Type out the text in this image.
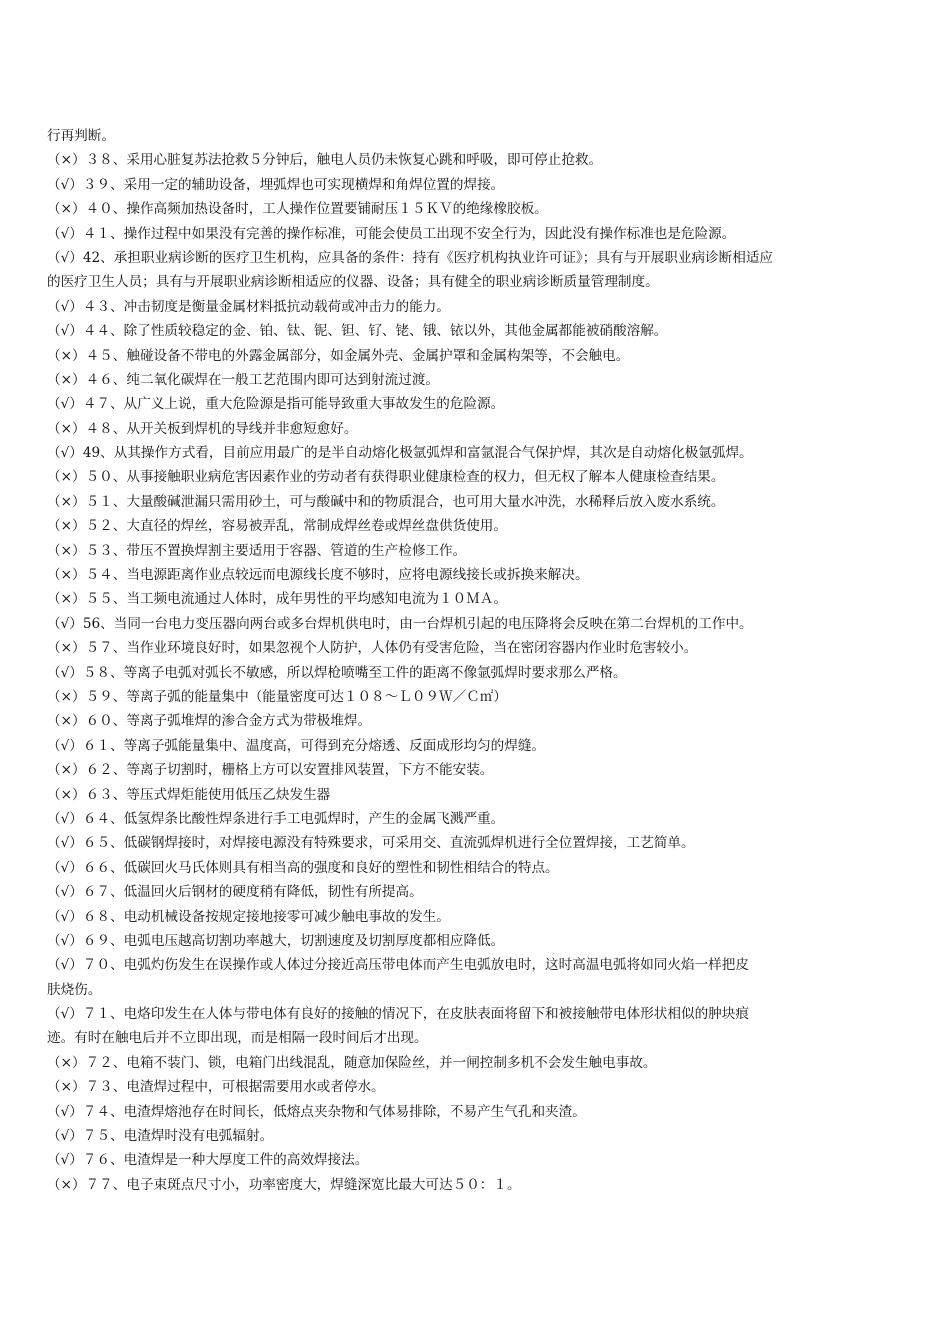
行再判断。
（×）３８、采用心脏复苏法抢救５分钟后，触电人员仍未恢复心跳和呼吸，即可停止抢救。
（√）３９、采用一定的辅助设备，埋弧焊也可实现横焊和角焊位置的焊接。
（×）４０、操作高频加热设备时，工人操作位置要铺耐压１５ＫＶ的绝缘橡胶板。
（√）４１、操作过程中如果没有完善的操作标准，可能会使员工出现不安全行为，因此没有操作标准也是危险源。
（√）42、承担职业病诊断的医疗卫生机构，应具备的条件：持有《医疗机构执业许可证》；具有与开展职业病诊断相适应
的医疗卫生人员；具有与开展职业病诊断相适应的仪器、设备；具有健全的职业病诊断质量管理制度。
（√）４３、冲击韧度是衡量金属材料抵抗动载荷或冲击力的能力。
（√）４４、除了性质较稳定的金、铂、钛、铌、钽、钌、铑、锇、铱以外，其他金属都能被硝酸溶解。
（×）４５、触碰设备不带电的外露金属部分，如金属外壳、金属护罩和金属构架等，不会触电。
（×）４６、纯二氧化碳焊在一般工艺范围内即可达到射流过渡。
（√）４７、从广义上说，重大危险源是指可能导致重大事故发生的危险源。
（×）４８、从开关板到焊机的导线并非愈短愈好。
（√）49、从其操作方式看，目前应用最广的是半自动熔化极氩弧焊和富氩混合气保护焊，其次是自动熔化极氩弧焊。
（×）５０、从事接触职业病危害因素作业的劳动者有获得职业健康检查的权力，但无权了解本人健康检查结果。
（×）５１、大量酸碱泄漏只需用砂土，可与酸碱中和的物质混合，也可用大量水冲洗，水稀释后放入废水系统。
（×）５２、大直径的焊丝，容易被弄乱，常制成焊丝卷或焊丝盘供货使用。
（×）５３、带压不置换焊割主要适用于容器、管道的生产检修工作。
（×）５４、当电源距离作业点较远而电源线长度不够时，应将电源线接长或拆换来解决。
（×）５５、当工频电流通过人体时，成年男性的平均感知电流为１０ＭＡ。
（√）56、当同一台电力变压器向两台或多台焊机供电时，由一台焊机引起的电压降将会反映在第二台焊机的工作中。
（×）５７、当作业环境良好时，如果忽视个人防护，人体仍有受害危险，当在密闭容器内作业时危害较小。
（√）５８、等离子电弧对弧长不敏感，所以焊枪喷嘴至工件的距离不像氩弧焊时要求那么严格。
（×）５９、等离子弧的能量集中（能量密度可达１０８～Ｌ０９Ｗ／Ｃ㎡）
（×）６０、等离子弧堆焊的渗合金方式为带极堆焊。
（√）６１、等离子弧能量集中、温度高，可得到充分熔透、反面成形均匀的焊缝。
（×）６２、等离子切割时，栅格上方可以安置排风装置，下方不能安装。
（×）６３、等压式焊炬能使用低压乙炔发生器
（√）６４、低氢焊条比酸性焊条进行手工电弧焊时，产生的金属飞溅严重。
（√）６５、低碳钢焊接时，对焊接电源没有特殊要求，可采用交、直流弧焊机进行全位置焊接，工艺简单。
（√）６６、低碳回火马氏体则具有相当高的强度和良好的塑性和韧性相结合的特点。
（√）６７、低温回火后钢材的硬度稍有降低，韧性有所提高。
（√）６８、电动机械设备按规定接地接零可减少触电事故的发生。
（√）６９、电弧电压越高切割功率越大，切割速度及切割厚度都相应降低。
（√）７０、电弧灼伤发生在误操作或人体过分接近高压带电体而产生电弧放电时，这时高温电弧将如同火焰一样把皮
肤烧伤。
（√）７１、电烙印发生在人体与带电体有良好的接触的情况下，在皮肤表面将留下和被接触带电体形状相似的肿块痕
迹。有时在触电后并不立即出现，而是相隔一段时间后才出现。
（×）７２、电箱不装门、锁，电箱门出线混乱，随意加保险丝，并一闸控制多机不会发生触电事故。
（×）７３、电渣焊过程中，可根据需要用水或者停水。
（√）７４、电渣焊熔池存在时间长，低熔点夹杂物和气体易排除，不易产生气孔和夹渣。
（√）７５、电渣焊时没有电弧辐射。
（√）７６、电渣焊是一种大厚度工件的高效焊接法。
（×）７７、电子束斑点尺寸小，功率密度大，焊缝深宽比最大可达５０：１。
